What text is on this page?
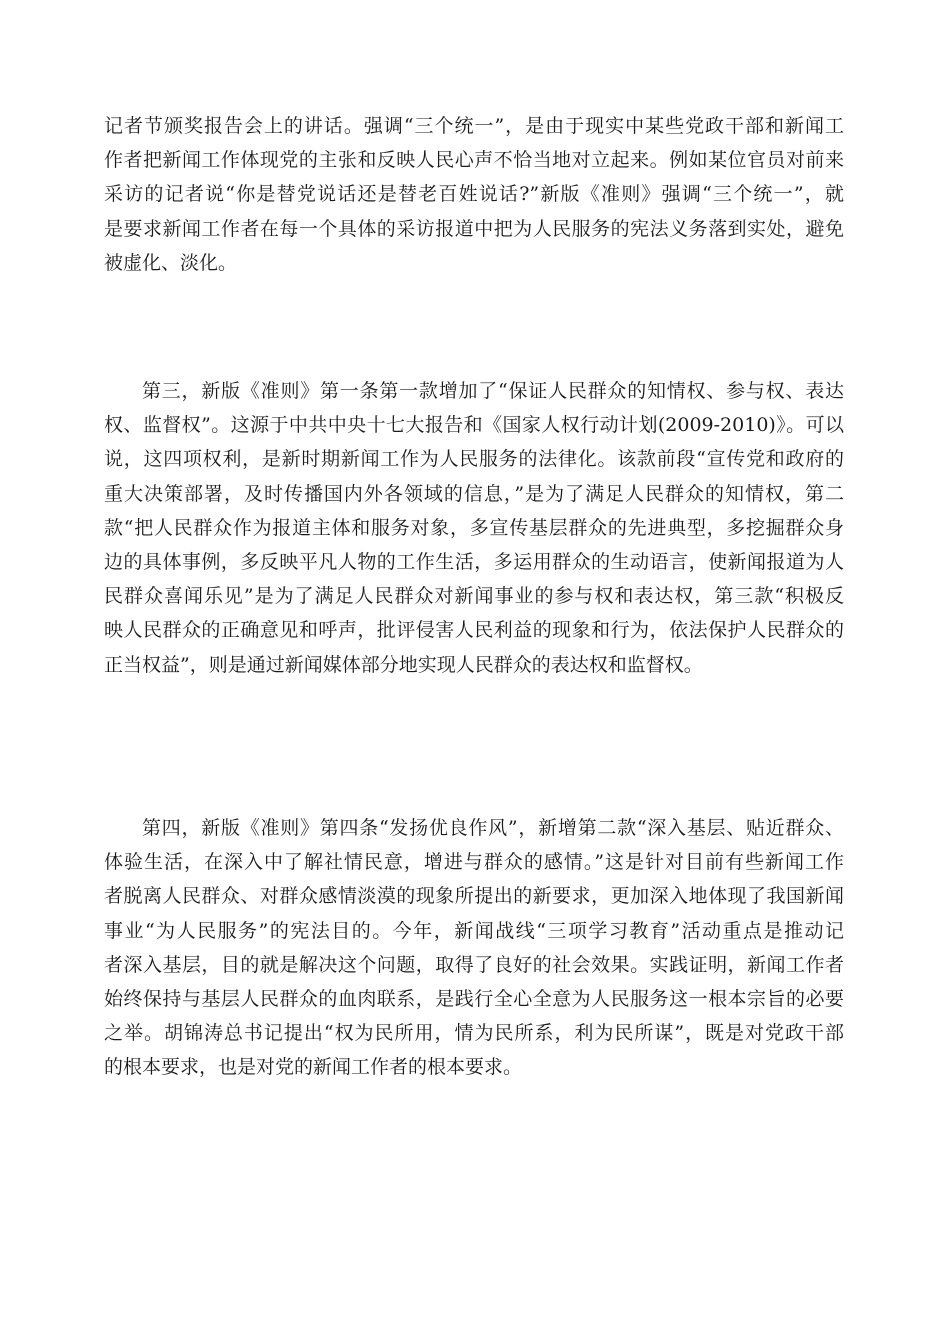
记者节颁奖报告会上的讲话。强调“三个统一”，是由于现实中某些党政干部和新闻工
作者把新闻工作体现党的主张和反映人民心声不恰当地对立起来。例如某位官员对前来
采访的记者说“你是替党说话还是替老百姓说话?”新版《准则》强调“三个统一”，就
是要求新闻工作者在每一个具体的采访报道中把为人民服务的宪法义务落到实处，避免
被虚化、淡化。
第三，新版《准则》第一条第一款增加了“保证人民群众的知情权、参与权、表达
权、监督权”。这源于中共中央十七大报告和《国家人权行动计划(2009-2010)》。可以
说，这四项权利，是新时期新闻工作为人民服务的法律化。该款前段“宣传党和政府的
重大决策部署，及时传播国内外各领域的信息，”是为了满足人民群众的知情权，第二
款“把人民群众作为报道主体和服务对象，多宣传基层群众的先进典型，多挖掘群众身
边的具体事例，多反映平凡人物的工作生活，多运用群众的生动语言，使新闻报道为人
民群众喜闻乐见”是为了满足人民群众对新闻事业的参与权和表达权，第三款“积极反
映人民群众的正确意见和呼声，批评侵害人民利益的现象和行为，依法保护人民群众的
正当权益”，则是通过新闻媒体部分地实现人民群众的表达权和监督权。
第四，新版《准则》第四条“发扬优良作风”，新增第二款“深入基层、贴近群众、
体验生活，在深入中了解社情民意，增进与群众的感情。”这是针对目前有些新闻工作
者脱离人民群众、对群众感情淡漠的现象所提出的新要求，更加深入地体现了我国新闻
事业“为人民服务”的宪法目的。今年，新闻战线“三项学习教育”活动重点是推动记
者深入基层，目的就是解决这个问题，取得了良好的社会效果。实践证明，新闻工作者
始终保持与基层人民群众的血肉联系，是践行全心全意为人民服务这一根本宗旨的必要
之举。胡锦涛总书记提出“权为民所用，情为民所系，利为民所谋”，既是对党政干部
的根本要求，也是对党的新闻工作者的根本要求。
